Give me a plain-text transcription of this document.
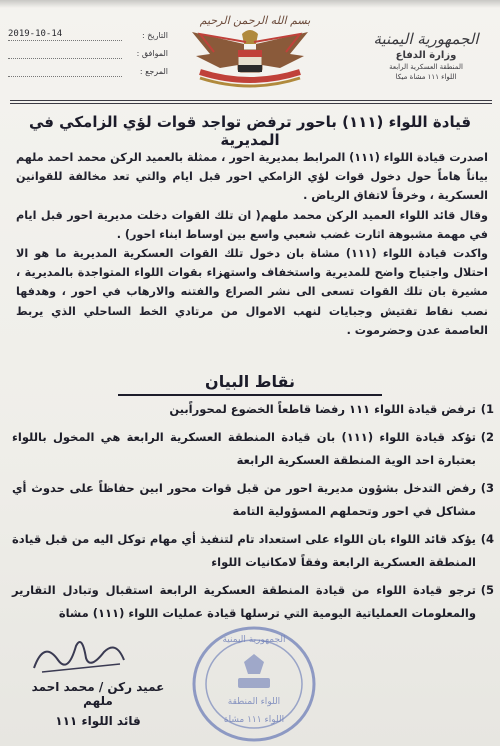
الجمهورية اليمنية
وزارة الدفاع
المنطقة العسكرية الرابعة
اللواء ١١١ مشاة ميكا
بسم الله الرحمن الرحيم
التاريخ :
2019-10-14
الموافق :
المرجع :
قيادة اللواء (١١١) باحور ترفض تواجد قوات لؤي الزامكي في المديرية

اصدرت قيادة اللواء (١١١) المرابط بمديرية احور ، ممثلة بالعميد الركن محمد احمد ملهم بياناً هاماً حول دخول قوات لؤي الزامكي احور قبل ايام والتي تعد مخالفة للقوانين العسكرية ، وخرقاً لاتفاق الرياض .

وقال قائد اللواء العميد الركن محمد ملهم( ان تلك القوات دخلت مديرية احور قبل ايام في مهمة مشبوهة اثارت غضب شعبي واسع بين اوساط ابناء احور) .

واكدت قيادة اللواء (١١١) مشاة بان دخول تلك القوات العسكرية المديرية ما هو الا احتلال واجتياح واضح للمديرية واستخفاف واستهزاء بقوات اللواء المتواجدة بالمديرية ، مشيرة بان تلك القوات تسعى الى نشر الصراع والفتنه والارهاب في احور ، وهدفها نصب نقاط تفتيش وجبايات لنهب الاموال من مرتادي الخط الساحلي الذي يربط العاصمة عدن وحضرموت .

نقاط البيان
1)
ترفض قيادة اللواء ١١١ رفضا قاطعاً الخضوع لمحوراًبين
2)
تؤكد قيادة اللواء (١١١) بان قيادة المنطقة العسكرية الرابعة هي المخول باللواء بعتبارة احد الوية المنطقة العسكرية الرابعة
3)
رفض التدخل بشؤون مديرية احور من قبل قوات محور ابين حفاظاً على حدوث أي مشاكل في احور وتحملهم المسؤولية التامة
4)
يؤكد قائد اللواء بان اللواء على استعداد تام لتنفيذ أي مهام توكل اليه من قبل قيادة المنطقة العسكرية الرابعة وفقاً لامكانيات اللواء
5)
ترجو قيادة اللواء من قيادة المنطقة العسكرية الرابعة استقبال وتبادل التقارير والمعلومات العملياتية اليومية التي ترسلها قيادة عمليات اللواء (١١١) مشاة
عميد ركن / محمد احمد ملهم
قائد اللواء ١١١
الجمهورية اليمنية
اللواء المنطقة
اللواء ١١١ مشاة
